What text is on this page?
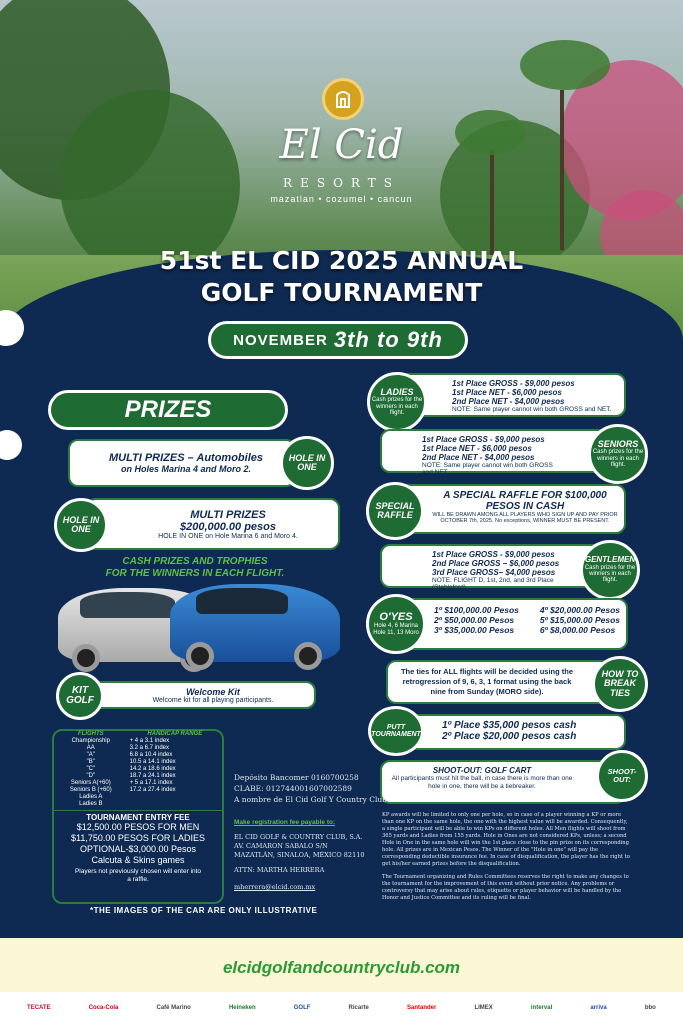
El Cid
RESORTS
mazatlan • cozumel • cancun
51st EL CID 2025 ANNUAL
GOLF TOURNAMENT
NOVEMBER 3th to 9th
PRIZES
MULTI PRIZES – Automobiles
on Holes Marina 4 and Moro 2.
HOLE IN ONE
MULTI PRIZES
$200,000.00 pesos
HOLE IN ONE on Hole Marina 6 and Moro 4.
HOLE IN ONE
CASH PRIZES AND TROPHIES
FOR THE WINNERS IN EACH FLIGHT.
Welcome Kit
Welcome kit for all playing participants.
KIT GOLF
1st Place GROSS - $9,000 pesos
1st Place NET - $6,000 pesos
2nd Place NET - $4,000 pesos
NOTE: Same player cannot win both GROSS and NET.
LADIES
Cash prizes for the winners in each flight.
1st Place GROSS - $9,000 pesos
1st Place NET - $6,000 pesos
2nd Place NET - $4,000 pesos
NOTE: Same player cannot win both GROSS and NET.
SENIORS
Cash prizes for the winners in each flight.
A SPECIAL RAFFLE FOR $100,000
PESOS IN CASH
WILL BE DRAWN AMONG ALL PLAYERS WHO SIGN UP AND PAY PRIOR OCTOBER 7th, 2025. No exceptions, WINNER MUST BE PRESENT.
SPECIAL RAFFLE
1st Place GROSS - $9,000 pesos
2nd Place GROSS – $6,000 pesos
3rd Place GROSS– $4,000 pesos
NOTE: FLIGHT D, 1st, 2nd, and 3rd Place (Stableford)
GENTLEMEN
Cash prizes for the winners in each flight.
1º $100,000.00 Pesos
2º $50,000.00 Pesos
3º $35,000.00 Pesos
4º $20,000.00 Pesos
5º $15,000.00 Pesos
6º $8,000.00 Pesos
O'YES
Hole 4, 6 Marina Hole 11, 13 Moro
The ties for ALL flights will be decided using the retrogression of 9, 6, 3, 1 format using the back nine from Sunday (MORO side).
HOW TO BREAK TIES
1º Place $35,000 pesos cash
2º Place $20,000 pesos cash
PUTT TOURNAMENT
SHOOT-OUT: GOLF CART
All participants must hit the ball, in case there is more than one hole in one, there will be a tiebreaker.
SHOOT-OUT:
FLIGHTS	HANDICAP RANGE
Championship	+ 4 a 3.1 index
AA	3.2 a 6.7 index
"A"	6.8 a 10.4 index
"B"	10.5 a 14.1 index
"C"	14.2 a 18.6 index
"D"	18.7 a 24.1 index
Seniors A(+60)	+ 5 a 17.1 index
Seniors B (+60)	17.2 a 27.4 index
Ladies A	
Ladies B	
TOURNAMENT ENTRY FEE
$12,500.00 PESOS FOR MEN
$11,750.00 PESOS FOR LADIES
OPTIONAL-$3,000.00 Pesos
Calcuta & Skins games
Players not previously chosen will enter into a raffle.
Depósito Bancomer 0160700258
CLABE: 012744001607002589
A nombre de El Cid Golf Y Country Club
Make registration fee payable to:
EL CID GOLF & COUNTRY CLUB, S.A.
AV. CAMARON SABALO S/N
MAZATLÁN, SINALOA, MÉXICO 82110
ATTN: MARTHA HERRERA
mherrera@elcid.com.mx
KP awards will be limited to only one per hole, so in case of a player winning a KP or more than one KP on the same hole, the one with the highest value will be awarded. Consequently, a single participant will be able to win KPs on different holes. All Men flights will shoot from 365 yards and Ladies from 155 yards. Hole in Ones are not considered KPs, unless; a second Hole in One in the same hole will win the 1st place close to the pin prize on its corresponding hole. All prizes are in Mexican Pesos. The Winner of the "Hole in one" will pay the corresponding deductible insurance fee. In case of disqualification, the player has the right to get his/her earned prizes before the disqualification.
The Tournament organizing and Rules Committees reserves the right to make any changes to the tournament for the improvement of this event without prior notice. Any problems or controversy that may arise about rules, etiquette or player behavior will be handled by the Honor and Justice Committee and its ruling will be final.
*THE IMAGES OF THE CAR ARE ONLY ILLUSTRATIVE
elcidgolfandcountryclub.com
TECATE	Coca-Cola	Café Marino	Heineken	GOLF	Ricarte	Santander	LIMEX	interval	arriva	bbo
